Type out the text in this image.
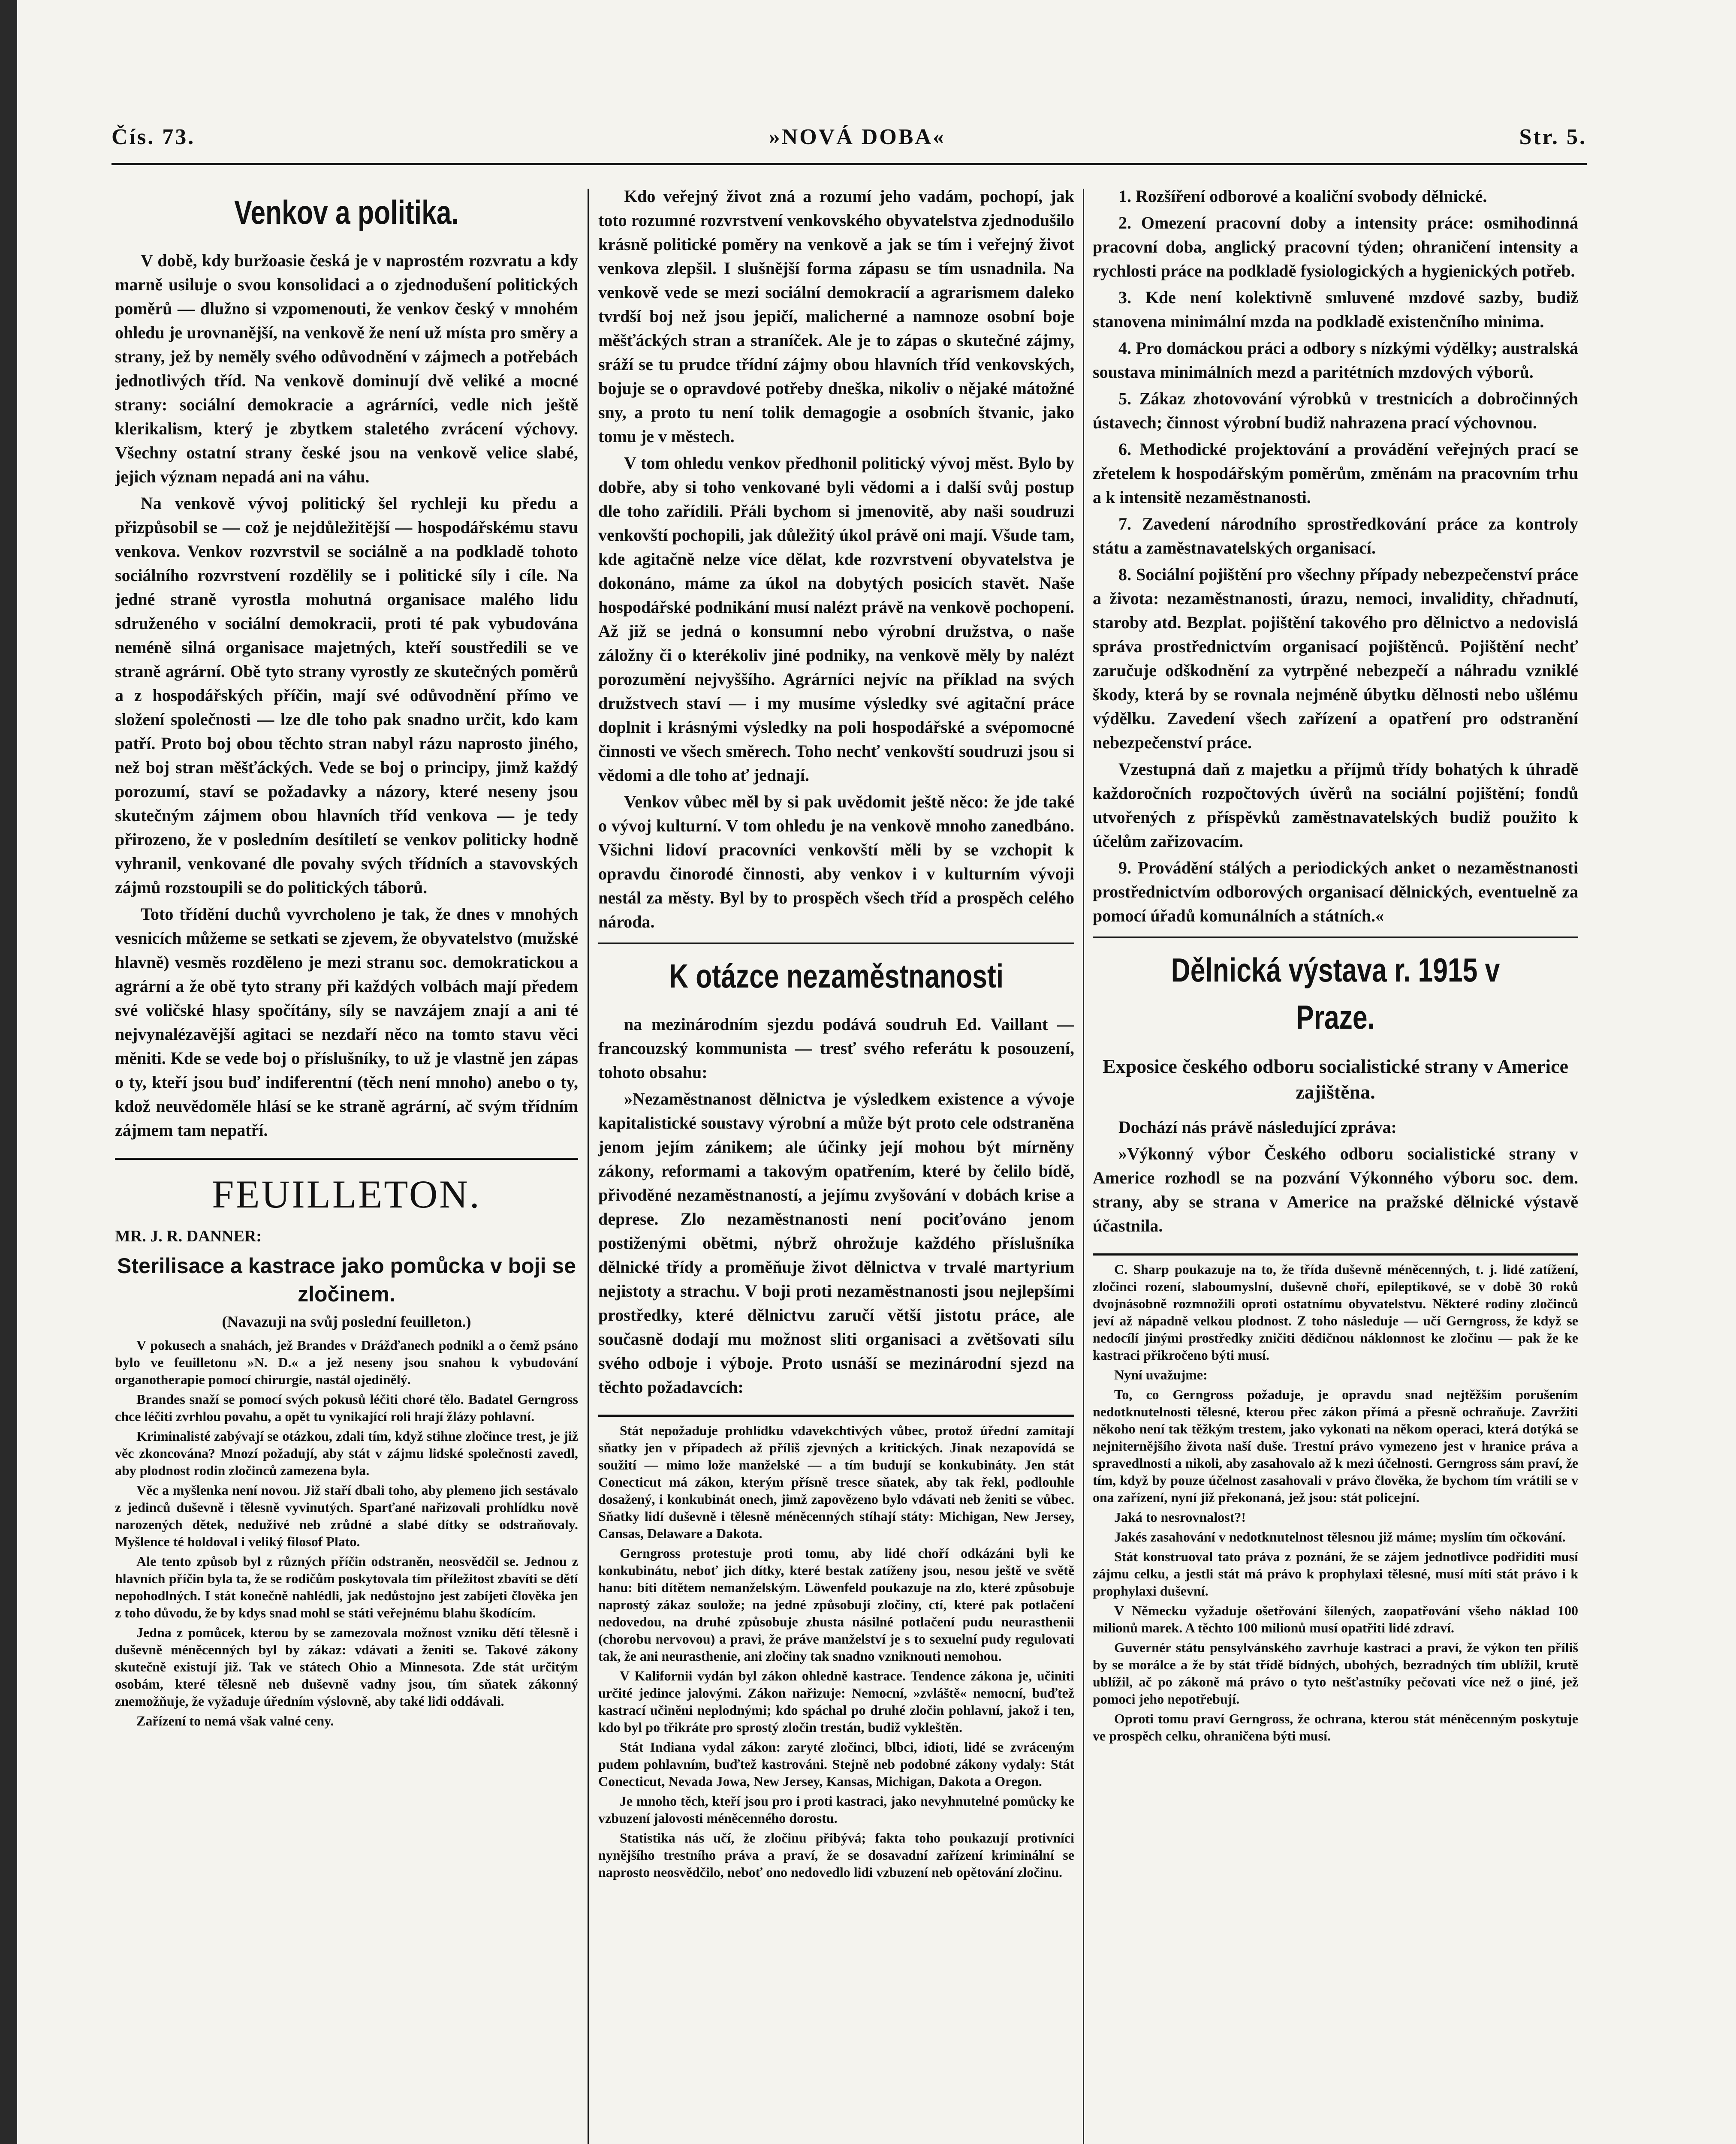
Čís. 73.	»NOVÁ DOBA«	Str. 5.
Venkov a politika.

V době, kdy buržoasie česká je v naprostém rozvratu a kdy marně usiluje o svou konsolidaci a o zjednodušení politických poměrů — dlužno si vzpomenouti, že venkov český v mnohém ohledu je urovnanější, na venkově že není už místa pro směry a strany, jež by neměly svého odůvodnění v zájmech a potřebách jednotlivých tříd. Na venkově dominují dvě veliké a mocné strany: sociální demokracie a agrárníci, vedle nich ještě klerikalism, který je zbytkem staletého zvrácení výchovy. Všechny ostatní strany české jsou na venkově velice slabé, jejich význam nepadá ani na váhu.

Na venkově vývoj politický šel rychleji ku předu a přizpůsobil se — což je nejdůležitější — hospodářskému stavu venkova. Venkov rozvrstvil se sociálně a na podkladě tohoto sociálního rozvrstvení rozdělily se i politické síly i cíle. Na jedné straně vyrostla mohutná organisace malého lidu sdruženého v sociální demokracii, proti té pak vybudována neméně silná organisace majetných, kteří soustředili se ve straně agrární. Obě tyto strany vyrostly ze skutečných poměrů a z hospodářských příčin, mají své odůvodnění přímo ve složení společnosti — lze dle toho pak snadno určit, kdo kam patří. Proto boj obou těchto stran nabyl rázu naprosto jiného, než boj stran měšťáckých. Vede se boj o principy, jimž každý porozumí, staví se požadavky a názory, které neseny jsou skutečným zájmem obou hlavních tříd venkova — je tedy přirozeno, že v posledním desítiletí se venkov politicky hodně vyhranil, venkované dle povahy svých třídních a stavovských zájmů rozstoupili se do politických táborů.

Toto třídění duchů vyvrcholeno je tak, že dnes v mnohých vesnicích můžeme se setkati se zjevem, že obyvatelstvo (mužské hlavně) vesměs rozděleno je mezi stranu soc. demokratickou a agrární a že obě tyto strany při každých volbách mají předem své voličské hlasy spočítány, síly se navzájem znají a ani té nejvynalézavější agitaci se nezdaří něco na tomto stavu věci měniti. Kde se vede boj o příslušníky, to už je vlastně jen zápas o ty, kteří jsou buď indiferentní (těch není mnoho) anebo o ty, kdož neuvědoměle hlásí se ke straně agrární, ač svým třídním zájmem tam nepatří.

FEUILLETON.
MR. J. R. DANNER:
Sterilisace a kastrace jako pomůcka v boji se zločinem.
(Navazuji na svůj poslední feuilleton.)

V pokusech a snahách, jež Brandes v Drážďanech podnikl a o čemž psáno bylo ve feuilletonu »N. D.« a jež neseny jsou snahou k vybudování organotherapie pomocí chirurgie, nastál ojedinělý.

Brandes snaží se pomocí svých pokusů léčiti choré tělo. Badatel Gerngross chce léčiti zvrhlou povahu, a opět tu vynikající roli hrají žlázy pohlavní.

Kriminalisté zabývají se otázkou, zdali tím, když stihne zločince trest, je již věc zkoncována? Mnozí požadují, aby stát v zájmu lidské společnosti zavedl, aby plodnost rodin zločinců zamezena byla.

Věc a myšlenka není novou. Již staří dbali toho, aby plemeno jich sestávalo z jedinců duševně i tělesně vyvinutých. Sparťané nařizovali prohlídku nově narozených dětek, neduživé neb zrůdné a slabé dítky se odstraňovaly. Myšlence té holdoval i veliký filosof Plato.

Ale tento způsob byl z různých příčin odstraněn, neosvědčil se. Jednou z hlavních příčin byla ta, že se rodičům poskytovala tím příležitost zbavíti se dětí nepohodlných. I stát konečně nahlédli, jak nedůstojno jest zabíjeti člověka jen z toho důvodu, že by kdys snad mohl se státi veřejnému blahu škodícím.

Jedna z pomůcek, kterou by se zamezovala možnost vzniku dětí tělesně i duševně méněcenných byl by zákaz: vdávati a ženiti se. Takové zákony skutečně existují již. Tak ve státech Ohio a Minnesota. Zde stát určitým osobám, které tělesně neb duševně vadny jsou, tím sňatek zákonný znemožňuje, že vyžaduje úředním výslovně, aby také lidi oddávali.

Zařízení to nemá však valné ceny.

Kdo veřejný život zná a rozumí jeho vadám, pochopí, jak toto rozumné rozvrstvení venkovského obyvatelstva zjednodušilo krásně politické poměry na venkově a jak se tím i veřejný život venkova zlepšil. I slušnější forma zápasu se tím usnadnila. Na venkově vede se mezi sociální demokracií a agrarismem daleko tvrdší boj než jsou jepičí, malicherné a namnoze osobní boje měšťáckých stran a straníček. Ale je to zápas o skutečné zájmy, sráží se tu prudce třídní zájmy obou hlavních tříd venkovských, bojuje se o opravdové potřeby dneška, nikoliv o nějaké mátožné sny, a proto tu není tolik demagogie a osobních štvanic, jako tomu je v městech.

V tom ohledu venkov předhonil politický vývoj měst. Bylo by dobře, aby si toho venkované byli vědomi a i další svůj postup dle toho zařídili. Přáli bychom si jmenovitě, aby naši soudruzi venkovští pochopili, jak důležitý úkol právě oni mají. Všude tam, kde agitačně nelze více dělat, kde rozvrstvení obyvatelstva je dokonáno, máme za úkol na dobytých posicích stavět. Naše hospodářské podnikání musí nalézt právě na venkově pochopení. Až již se jedná o konsumní nebo výrobní družstva, o naše záložny či o kterékoliv jiné podniky, na venkově měly by nalézt porozumění nejvyššího. Agrárníci nejvíc na příklad na svých družstvech staví — i my musíme výsledky své agitační práce doplnit i krásnými výsledky na poli hospodářské a svépomocné činnosti ve všech směrech. Toho nechť venkovští soudruzi jsou si vědomi a dle toho ať jednají.

Venkov vůbec měl by si pak uvědomit ještě něco: že jde také o vývoj kulturní. V tom ohledu je na venkově mnoho zanedbáno. Všichni lidoví pracovníci venkovští měli by se vzchopit k opravdu činorodé činnosti, aby venkov i v kulturním vývoji nestál za městy. Byl by to prospěch všech tříd a prospěch celého národa.

K otázce nezaměstnanosti

na mezinárodním sjezdu podává soudruh Ed. Vaillant — francouzský kommunista — tresť svého referátu k posouzení, tohoto obsahu:

»Nezaměstnanost dělnictva je výsledkem existence a vývoje kapitalistické soustavy výrobní a může být proto cele odstraněna jenom jejím zánikem; ale účinky její mohou být mírněny zákony, reformami a takovým opatřením, které by čelilo bídě, přivoděné nezaměstnaností, a jejímu zvyšování v dobách krise a deprese. Zlo nezaměstnanosti není pociťováno jenom postiženými obětmi, nýbrž ohrožuje každého příslušníka dělnické třídy a proměňuje život dělnictva v trvalé martyrium nejistoty a strachu. V boji proti nezaměstnanosti jsou nejlepšími prostředky, které dělnictvu zaručí větší jistotu práce, ale současně dodají mu možnost sliti organisaci a zvětšovati sílu svého odboje i výboje. Proto usnáší se mezinárodní sjezd na těchto požadavcích:

Stát nepožaduje prohlídku vdavekchtivých vůbec, protož úřední zamítají sňatky jen v případech až příliš zjevných a kritických. Jinak nezapovídá se soužití — mimo lože manželské — a tím budují se konkubináty. Jen stát Conecticut má zákon, kterým přísně tresce sňatek, aby tak řekl, podlouhle dosažený, i konkubinát onech, jimž zapovězeno bylo vdávati neb ženiti se vůbec. Sňatky lidí duševně i tělesně méněcenných stíhají státy: Michigan, New Jersey, Cansas, Delaware a Dakota.

Gerngross protestuje proti tomu, aby lidé choří odkázáni byli ke konkubinátu, neboť jich dítky, které bestak zatíženy jsou, nesou ještě ve světě hanu: bíti dítětem nemanželským. Löwenfeld poukazuje na zlo, které způsobuje naprostý zákaz soulože; na jedné způsobují zločiny, ctí, které pak potlačení nedovedou, na druhé způsobuje zhusta násilné potlačení pudu neurasthenii (chorobu nervovou) a pravi, že práve manželství je s to sexuelní pudy regulovati tak, že ani neurasthenie, ani zločiny tak snadno vzniknouti nemohou.

V Kalifornii vydán byl zákon ohledně kastrace. Tendence zákona je, učiniti určité jedince jalovými. Zákon nařizuje: Nemocní, »zvláště« nemocní, buďtež kastrací učiněni neplodnými; kdo spáchal po druhé zločin pohlavní, jakož i ten, kdo byl po třikráte pro sprostý zločin trestán, budiž vykleštěn.

Stát Indiana vydal zákon: zaryté zločinci, blbci, idioti, lidé se zvráceným pudem pohlavním, buďtež kastrováni. Stejně neb podobné zákony vydaly: Stát Conecticut, Nevada Jowa, New Jersey, Kansas, Michigan, Dakota a Oregon.

Je mnoho těch, kteří jsou pro i proti kastraci, jako nevyhnutelné pomůcky ke vzbuzení jalovosti méněcenného dorostu.

Statistika nás učí, že zločinu přibývá; fakta toho poukazují protivníci nynějšího trestního práva a praví, že se dosavadní zařízení kriminální se naprosto neosvědčilo, neboť ono nedovedlo lidi vzbuzení neb opětování zločinu.

1. Rozšíření odborové a koaliční svobody dělnické.

2. Omezení pracovní doby a intensity práce: osmihodinná pracovní doba, anglický pracovní týden; ohraničení intensity a rychlosti práce na podkladě fysiologických a hygienických potřeb.

3. Kde není kolektivně smluvené mzdové sazby, budiž stanovena minimální mzda na podkladě existenčního minima.

4. Pro domáckou práci a odbory s nízkými výdělky; australská soustava minimálních mezd a paritétních mzdových výborů.

5. Zákaz zhotovování výrobků v trestnicích a dobročinných ústavech; činnost výrobní budiž nahrazena prací výchovnou.

6. Methodické projektování a provádění veřejných prací se zřetelem k hospodářským poměrům, změnám na pracovním trhu a k intensitě nezaměstnanosti.

7. Zavedení národního sprostředkování práce za kontroly státu a zaměstnavatelských organisací.

8. Sociální pojištění pro všechny případy nebezpečenství práce a života: nezaměstnanosti, úrazu, nemoci, invalidity, chřadnutí, staroby atd. Bezplat. pojištění takového pro dělnictvo a nedovislá správa prostřednictvím organisací pojištěnců. Pojištění nechť zaručuje odškodnění za vytrpěné nebezpečí a náhradu vzniklé škody, která by se rovnala nejméně úbytku dělnosti nebo ušlému výdělku. Zavedení všech zařízení a opatření pro odstranění nebezpečenství práce.

Vzestupná daň z majetku a příjmů třídy bohatých k úhradě každoročních rozpočtových úvěrů na sociální pojištění; fondů utvořených z příspěvků zaměstnavatelských budiž použito k účelům zařizovacím.

9. Provádění stálých a periodických anket o nezaměstnanosti prostřednictvím odborových organisací dělnických, eventuelně za pomocí úřadů komunálních a státních.«

Dělnická výstava r. 1915 v Praze.
Exposice českého odboru socialistické strany v Americe zajištěna.

Dochází nás právě následující zpráva:

»Výkonný výbor Českého odboru socialistické strany v Americe rozhodl se na pozvání Výkonného výboru soc. dem. strany, aby se strana v Americe na pražské dělnické výstavě účastnila.

C. Sharp poukazuje na to, že třída duševně méněcenných, t. j. lidé zatížení, zločinci rození, slaboumyslní, duševně choří, epileptikové, se v době 30 roků dvojnásobně rozmnožili oproti ostatnímu obyvatelstvu. Některé rodiny zločinců jeví až nápadně velkou plodnost. Z toho následuje — učí Gerngross, že když se nedocílí jinými prostředky zničiti dědičnou náklonnost ke zločinu — pak že ke kastraci přikročeno býti musí.

Nyní uvažujme:

To, co Gerngross požaduje, je opravdu snad nejtěžším porušením nedotknutelnosti tělesné, kterou přec zákon přímá a přesně ochraňuje. Zavržiti někoho není tak těžkým trestem, jako vykonati na někom operaci, která dotýká se nejniternějšího života naší duše. Trestní právo vymezeno jest v hranice práva a spravedlnosti a nikoli, aby zasahovalo až k mezi účelnosti. Gerngross sám praví, že tím, když by pouze účelnost zasahovali v právo člověka, že bychom tím vrátili se v ona zařízení, nyní již překonaná, jež jsou: stát policejní.

Jaká to nesrovnalost?!

Jakés zasahování v nedotknutelnost tělesnou již máme; myslím tím očkování.

Stát konstruoval tato práva z poznání, že se zájem jednotlivce podřiditi musí zájmu celku, a jestli stát má právo k prophylaxi tělesné, musí míti stát právo i k prophylaxi duševní.

V Německu vyžaduje ošetřování šílených, zaopatřování všeho náklad 100 milionů marek. A těchto 100 milionů musí opatřiti lidé zdraví.

Guvernér státu pensylvánského zavrhuje kastraci a praví, že výkon ten příliš by se morálce a že by stát třídě bídných, ubohých, bezradných tím ublížil, krutě ublížil, ač po zákoně má právo o tyto nešťastníky pečovati více než o jiné, jež pomoci jeho nepotřebují.

Oproti tomu praví Gerngross, že ochrana, kterou stát méněcenným poskytuje ve prospěch celku, ohraničena býti musí.
